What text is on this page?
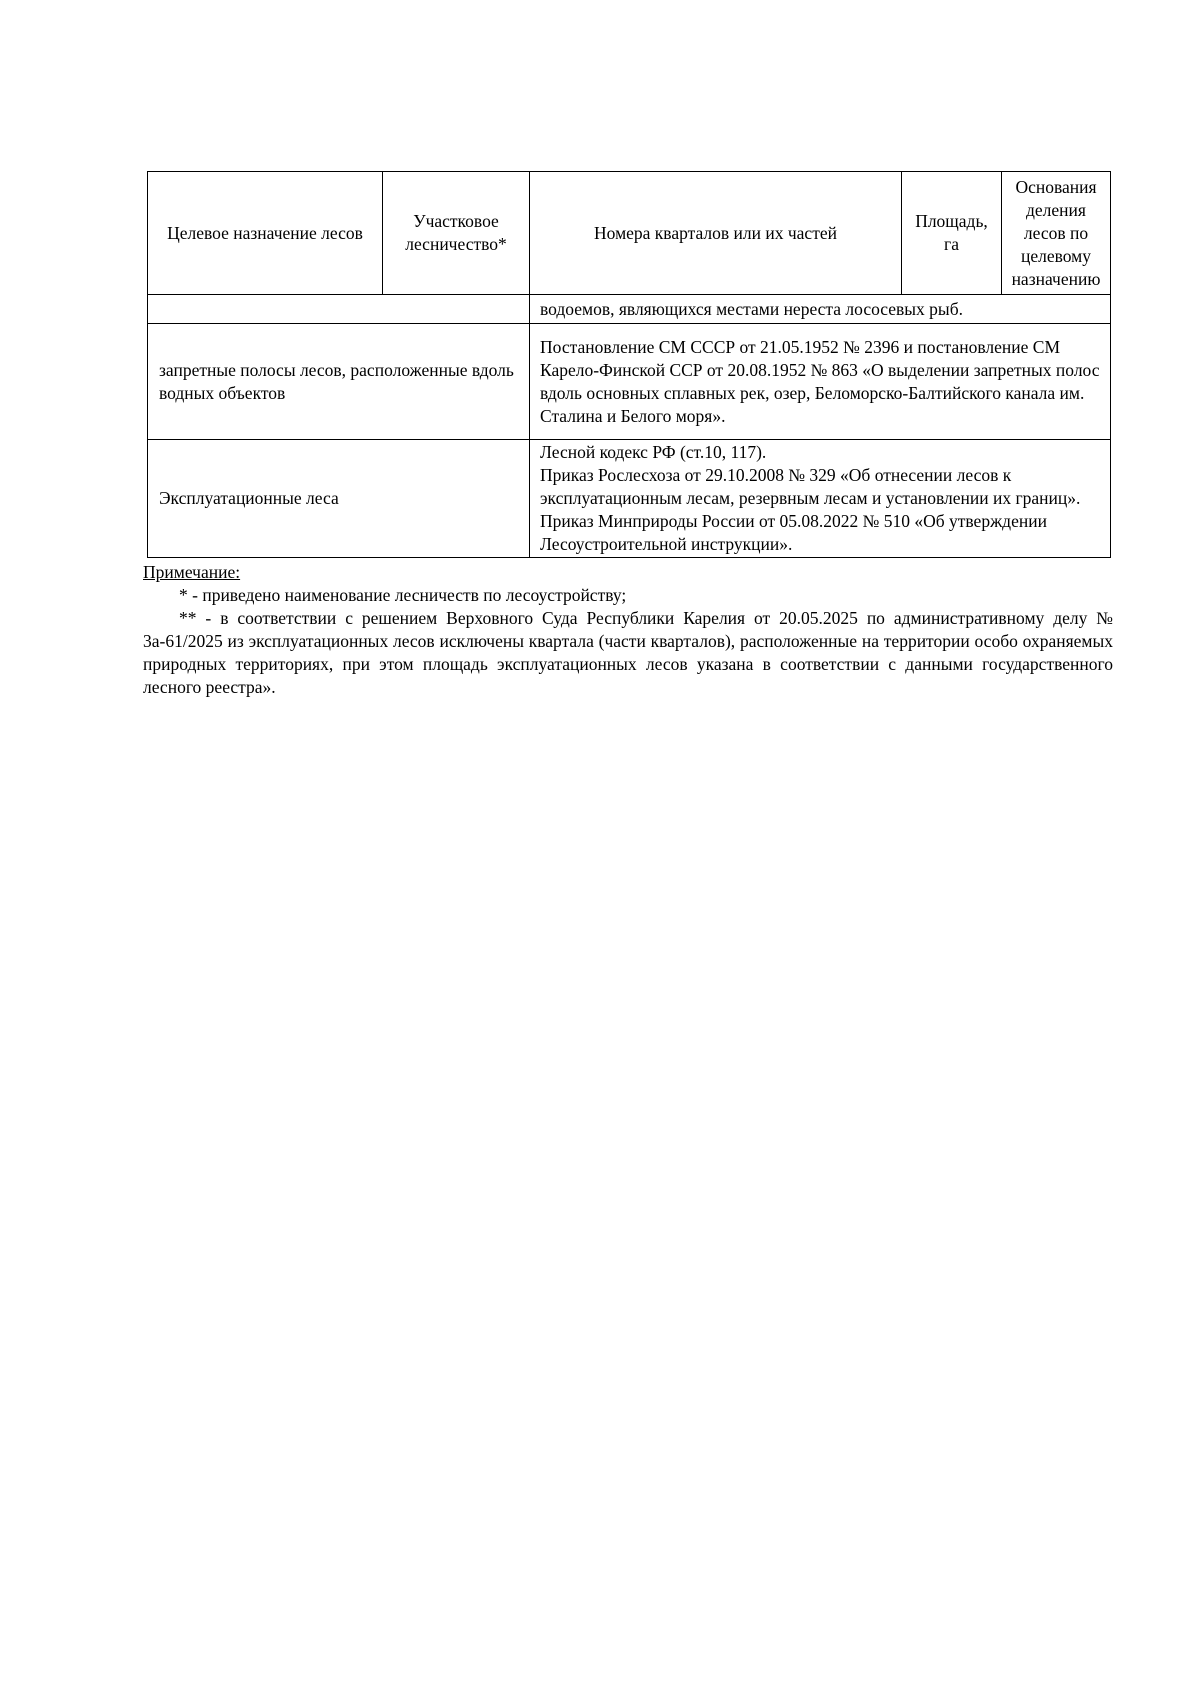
Целевое назначение лесов	Участковое лесничество*	Номера кварталов или их частей	Площадь, га	Основания деления лесов по целевому назначению
		водоемов, являющихся местами нереста лососевых рыб.		
запретные полосы лесов, расположенные вдоль водных объектов		Постановление СМ СССР от 21.05.1952 № 2396 и постановление СМ Карело-Финской ССР от 20.08.1952 № 863 «О выделении запретных полос вдоль основных сплавных рек, озер, Беломорско-Балтийского канала им. Сталина и Белого моря».		
Эксплуатационные леса		Лесной кодекс РФ (ст.10, 117).
Приказ Рослесхоза от 29.10.2008 № 329 «Об отнесении лесов к эксплуатационным лесам, резервным лесам и установлении их границ». Приказ Минприроды России от 05.08.2022 № 510 «Об утверждении Лесоустроительной инструкции».		

Примечание:

* - приведено наименование лесничеств по лесоустройству;

** - в соответствии с решением Верховного Суда Республики Карелия от 20.05.2025 по административному делу № 3а-61/2025 из эксплуатационных лесов исключены квартала (части кварталов), расположенные на территории особо охраняемых природных территориях, при этом площадь эксплуатационных лесов указана в соответствии с данными государственного лесного реестра».
